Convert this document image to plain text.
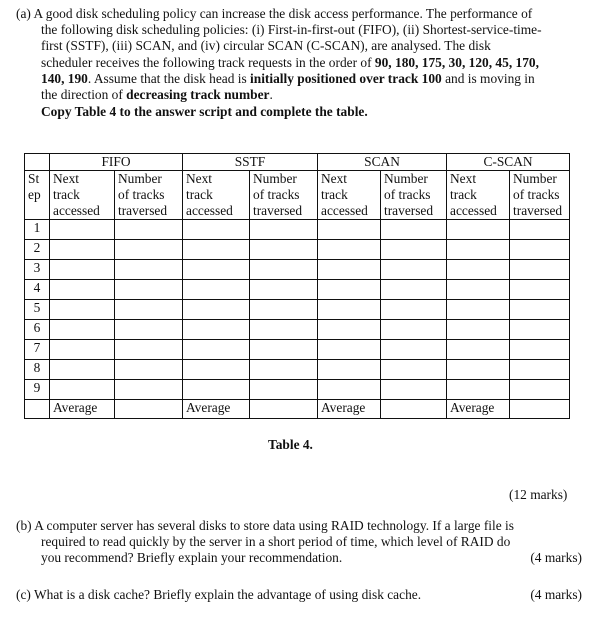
(a) A good disk scheduling policy can increase the disk access performance. The performance of
the following disk scheduling policies: (i) First-in-first-out (FIFO), (ii) Shortest-service-time-
first (SSTF), (iii) SCAN, and (iv) circular SCAN (C-SCAN), are analysed. The disk
scheduler receives the following track requests in the order of 90, 180, 175, 30, 120, 45, 170,
140, 190. Assume that the disk head is initially positioned over track 100 and is moving in
the direction of decreasing track number.
Copy Table 4 to the answer script and complete the table.
	FIFO		SSTF		SCAN		C-SCAN	
St
ep	Next
track
accessed	Number
of tracks
traversed	Next
track
accessed	Number
of tracks
traversed	Next
track
accessed	Number
of tracks
traversed	Next
track
accessed	Number
of tracks
traversed
1								
2								
3								
4								
5								
6								
7								
8								
9								
	Average		Average		Average		Average	
Table 4.
(12 marks)
(b) A computer server has several disks to store data using RAID technology. If a large file is
required to read quickly by the server in a short period of time, which level of RAID do
you recommend? Briefly explain your recommendation.	(4 marks)
(c) What is a disk cache? Briefly explain the advantage of using disk cache.	(4 marks)
